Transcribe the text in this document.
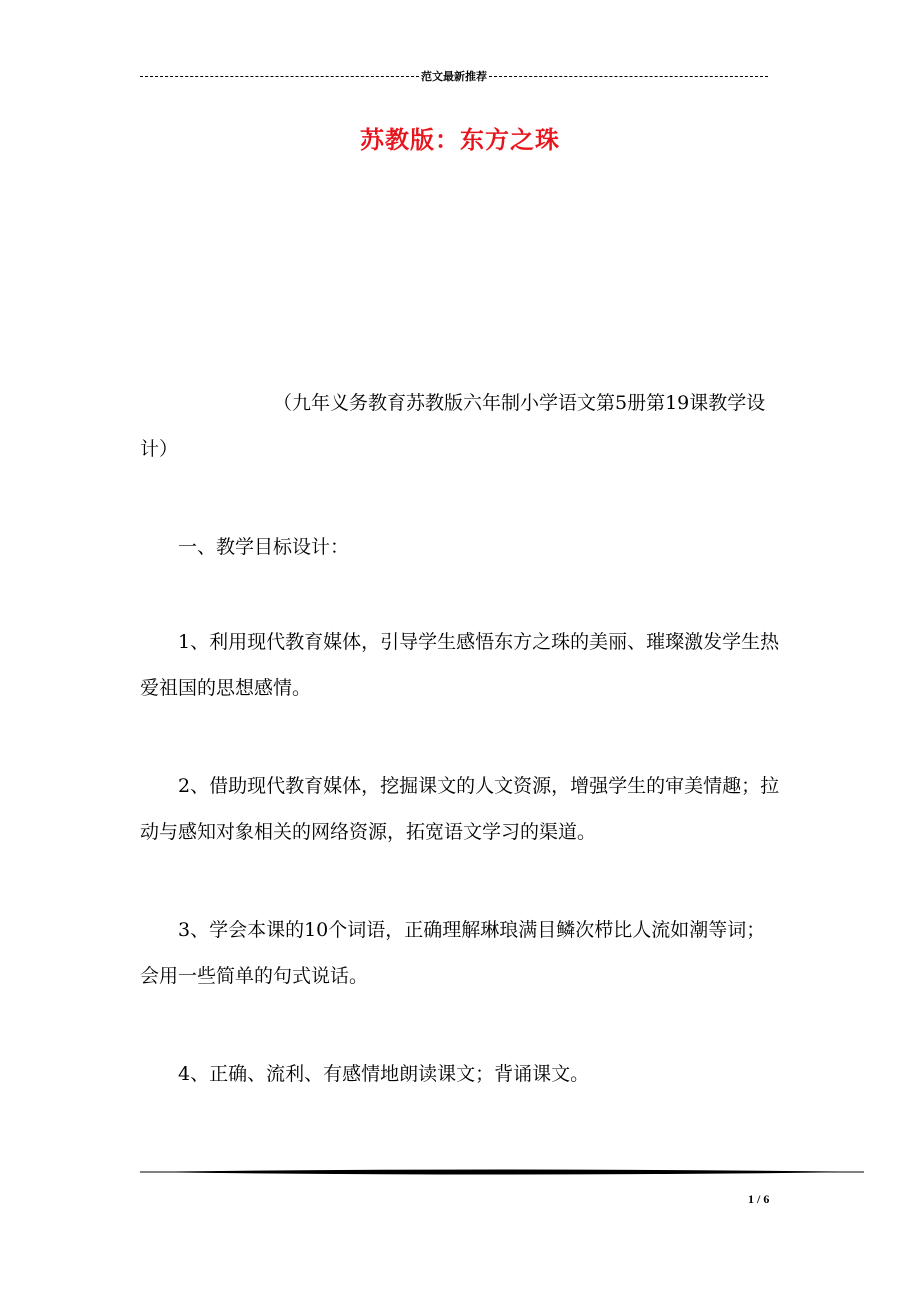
范文最新推荐
苏教版：东方之珠
（九年义务教育苏教版六年制小学语文第5册第19课教学设计）
一、教学目标设计：
1、利用现代教育媒体，引导学生感悟东方之珠的美丽、璀璨激发学生热爱祖国的思想感情。
2、借助现代教育媒体，挖掘课文的人文资源，增强学生的审美情趣；拉动与感知对象相关的网络资源，拓宽语文学习的渠道。
3、学会本课的10个词语，正确理解琳琅满目鳞次栉比人流如潮等词；会用一些简单的句式说话。
4、正确、流利、有感情地朗读课文；背诵课文。
1 / 6
